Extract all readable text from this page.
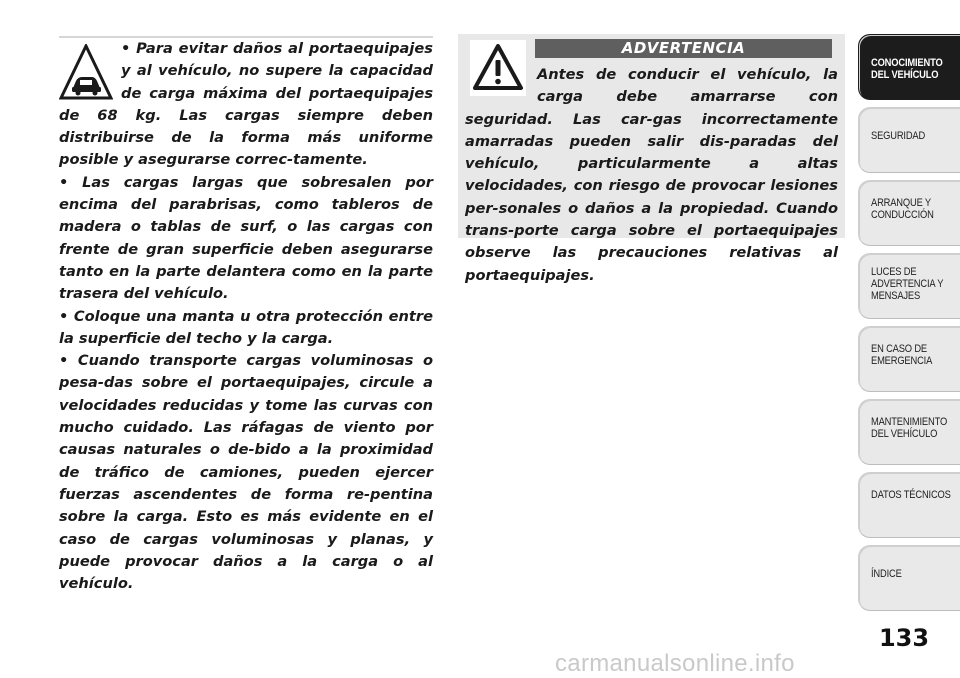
• Para evitar daños al portaequipajes y al vehículo, no supere la capacidad de carga máxima del portaequipajes de 68 kg. Las cargas siempre deben distribuirse de la forma más uniforme posible y asegurarse correc-tamente.

• Las cargas largas que sobresalen por encima del parabrisas, como tableros de madera o tablas de surf, o las cargas con frente de gran superficie deben asegurarse tanto en la parte delantera como en la parte trasera del vehículo.

• Coloque una manta u otra protección entre la superficie del techo y la carga.

• Cuando transporte cargas voluminosas o pesa-das sobre el portaequipajes, circule a velocidades reducidas y tome las curvas con mucho cuidado. Las ráfagas de viento por causas naturales o de-bido a la proximidad de tráfico de camiones, pueden ejercer fuerzas ascendentes de forma re-pentina sobre la carga. Esto es más evidente en el caso de cargas voluminosas y planas, y puede provocar daños a la carga o al vehículo.

ADVERTENCIA

Antes de conducir el vehículo, la carga debe amarrarse con seguridad. Las car-gas incorrectamente amarradas pueden salir dis-paradas del vehículo, particularmente a altas velocidades, con riesgo de provocar lesiones per-sonales o daños a la propiedad. Cuando trans-porte carga sobre el portaequipajes observe las precauciones relativas al portaequipajes.

CONOCIMIENTO DEL VEHÍCULO
SEGURIDAD
ARRANQUE Y CONDUCCIÓN
LUCES DE ADVERTENCIA Y MENSAJES
EN CASO DE EMERGENCIA
MANTENIMIENTO DEL VEHÍCULO
DATOS TÉCNICOS
ÍNDICE
133
carmanualsonline.info
